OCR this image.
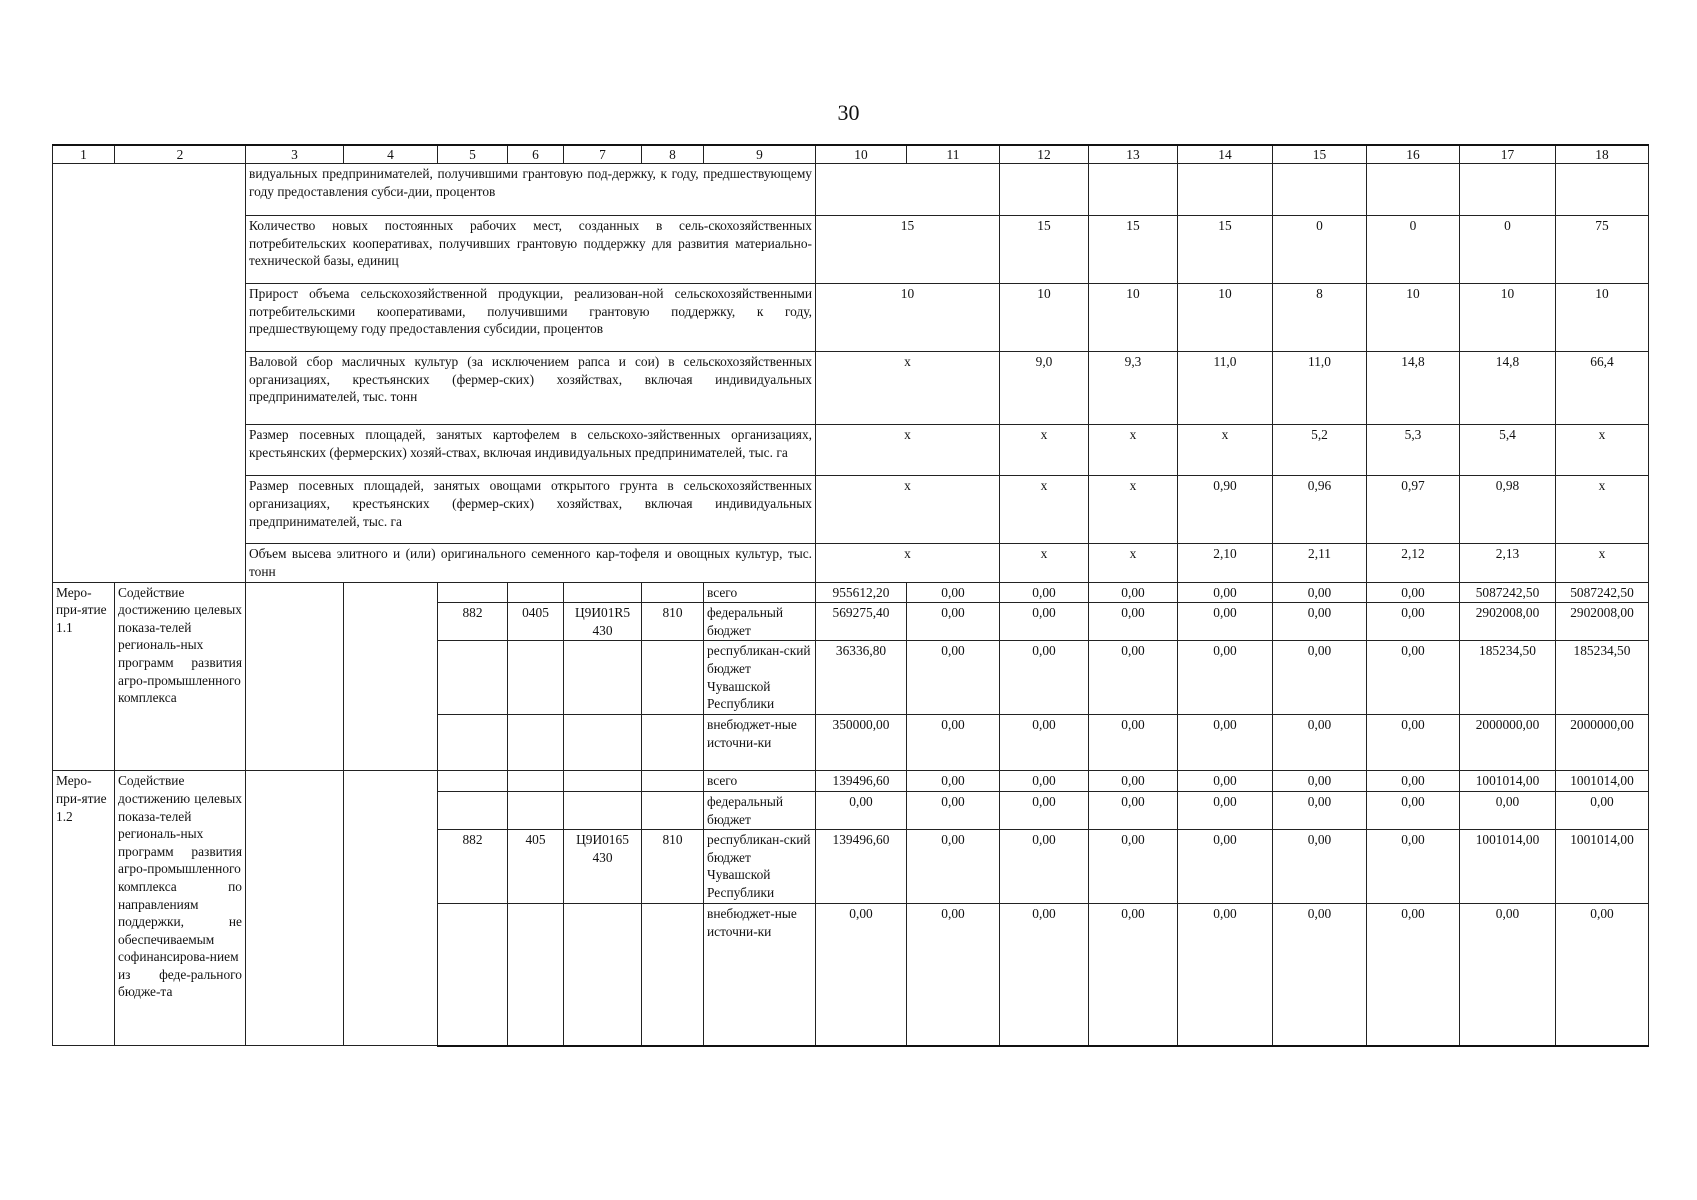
30
1	2	3	4	5	6	7	8	9	10	11	12	13	14	15	16	17	18	
		видуальных предпринимателей, получившими грантовую под-держку, к году, предшествующему году предоставления субси-дии, процентов																
		Количество новых постоянных рабочих мест, созданных в сель-скохозяйственных потребительских кооперативах, получивших грантовую поддержку для развития материально-технической базы, единиц							15		15	15	15	0	0	0	75	
		Прирост объема сельскохозяйственной продукции, реализован-ной сельскохозяйственными потребительскими кооперативами, получившими грантовую поддержку, к году, предшествующему году предоставления субсидии, процентов							10		10	10	10	8	10	10	10	
		Валовой сбор масличных культур (за исключением рапса и сои) в сельскохозяйственных организациях, крестьянских (фермер-ских) хозяйствах, включая индивидуальных предпринимателей, тыс. тонн							х		9,0	9,3	11,0	11,0	14,8	14,8	66,4	
		Размер посевных площадей, занятых картофелем в сельскохо-зяйственных организациях, крестьянских (фермерских) хозяй-ствах, включая индивидуальных предпринимателей, тыс. га							х		х	х	х	5,2	5,3	5,4	х	
		Размер посевных площадей, занятых овощами открытого грунта в сельскохозяйственных организациях, крестьянских (фермер-ских) хозяйствах, включая индивидуальных предпринимателей, тыс. га							х		х	х	0,90	0,96	0,97	0,98	х	
		Объем высева элитного и (или) оригинального семенного кар-тофеля и овощных культур, тыс. тонн							х		х	х	2,10	2,11	2,12	2,13	х	
Меро-при-ятие 1.1	Содействие достижению целевых показа-телей региональ-ных программ развития агро-промышленного комплекса							всего	955612,20	0,00	0,00	0,00	0,00	0,00	0,00	5087242,50	5087242,50	
				882	0405	Ц9И01R5 430	810	федеральный бюджет	569275,40	0,00	0,00	0,00	0,00	0,00	0,00	2902008,00	2902008,00	
								республикан-ский бюджет Чувашской Республики	36336,80	0,00	0,00	0,00	0,00	0,00	0,00	185234,50	185234,50	
								внебюджет-ные источни-ки	350000,00	0,00	0,00	0,00	0,00	0,00	0,00	2000000,00	2000000,00	
Меро-при-ятие 1.2	Содействие достижению целевых показа-телей региональ-ных программ развития агро-промышленного комплекса по направлениям поддержки, не обеспечиваемым софинансирова-нием из феде-рального бюдже-та							всего	139496,60	0,00	0,00	0,00	0,00	0,00	0,00	1001014,00	1001014,00	
								федеральный бюджет	0,00	0,00	0,00	0,00	0,00	0,00	0,00	0,00	0,00	
				882	405	Ц9И0165 430	810	республикан-ский бюджет Чувашской Республики	139496,60	0,00	0,00	0,00	0,00	0,00	0,00	1001014,00	1001014,00	
								внебюджет-ные источни-ки	0,00	0,00	0,00	0,00	0,00	0,00	0,00	0,00	0,00	
